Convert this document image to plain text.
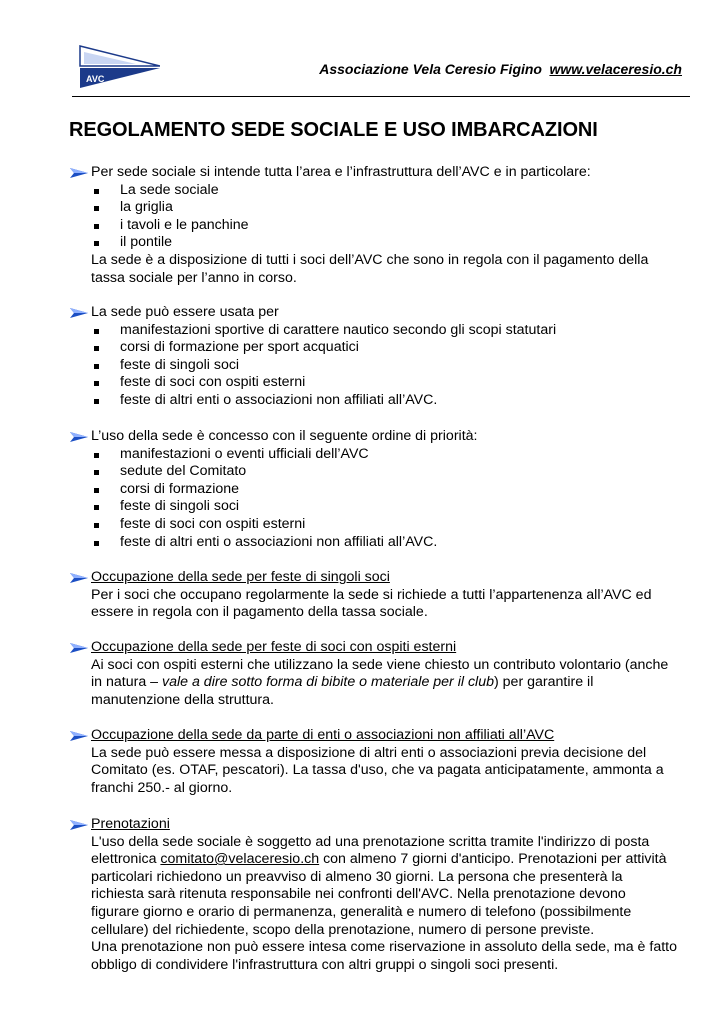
AVC
Associazione Vela Ceresio Figino www.velaceresio.ch
REGOLAMENTO SEDE SOCIALE E USO IMBARCAZIONI
Per sede sociale si intende tutta l’area e l’infrastruttura dell’AVC e in particolare:
La sede sociale
la griglia
i tavoli e le panchine
il pontile
La sede è a disposizione di tutti i soci dell’AVC che sono in regola con il pagamento della
tassa sociale per l’anno in corso.
La sede può essere usata per
manifestazioni sportive di carattere nautico secondo gli scopi statutari
corsi di formazione per sport acquatici
feste di singoli soci
feste di soci con ospiti esterni
feste di altri enti o associazioni non affiliati all’AVC.
L’uso della sede è concesso con il seguente ordine di priorità:
manifestazioni o eventi ufficiali dell’AVC
sedute del Comitato
corsi di formazione
feste di singoli soci
feste di soci con ospiti esterni
feste di altri enti o associazioni non affiliati all’AVC.
Occupazione della sede per feste di singoli soci
Per i soci che occupano regolarmente la sede si richiede a tutti l’appartenenza all’AVC ed
essere in regola con il pagamento della tassa sociale.
Occupazione della sede per feste di soci con ospiti esterni
Ai soci con ospiti esterni che utilizzano la sede viene chiesto un contributo volontario (anche
in natura – vale a dire sotto forma di bibite o materiale per il club) per garantire il
manutenzione della struttura.
Occupazione della sede da parte di enti o associazioni non affiliati all’AVC
La sede può essere messa a disposizione di altri enti o associazioni previa decisione del
Comitato (es. OTAF, pescatori). La tassa d'uso, che va pagata anticipatamente, ammonta a
franchi 250.- al giorno.
Prenotazioni
L'uso della sede sociale è soggetto ad una prenotazione scritta tramite l'indirizzo di posta
elettronica comitato@velaceresio.ch con almeno 7 giorni d'anticipo. Prenotazioni per attività
particolari richiedono un preavviso di almeno 30 giorni. La persona che presenterà la
richiesta sarà ritenuta responsabile nei confronti dell'AVC. Nella prenotazione devono
figurare giorno e orario di permanenza, generalità e numero di telefono (possibilmente
cellulare) del richiedente, scopo della prenotazione, numero di persone previste.
Una prenotazione non può essere intesa come riservazione in assoluto della sede, ma è fatto
obbligo di condividere l'infrastruttura con altri gruppi o singoli soci presenti.
